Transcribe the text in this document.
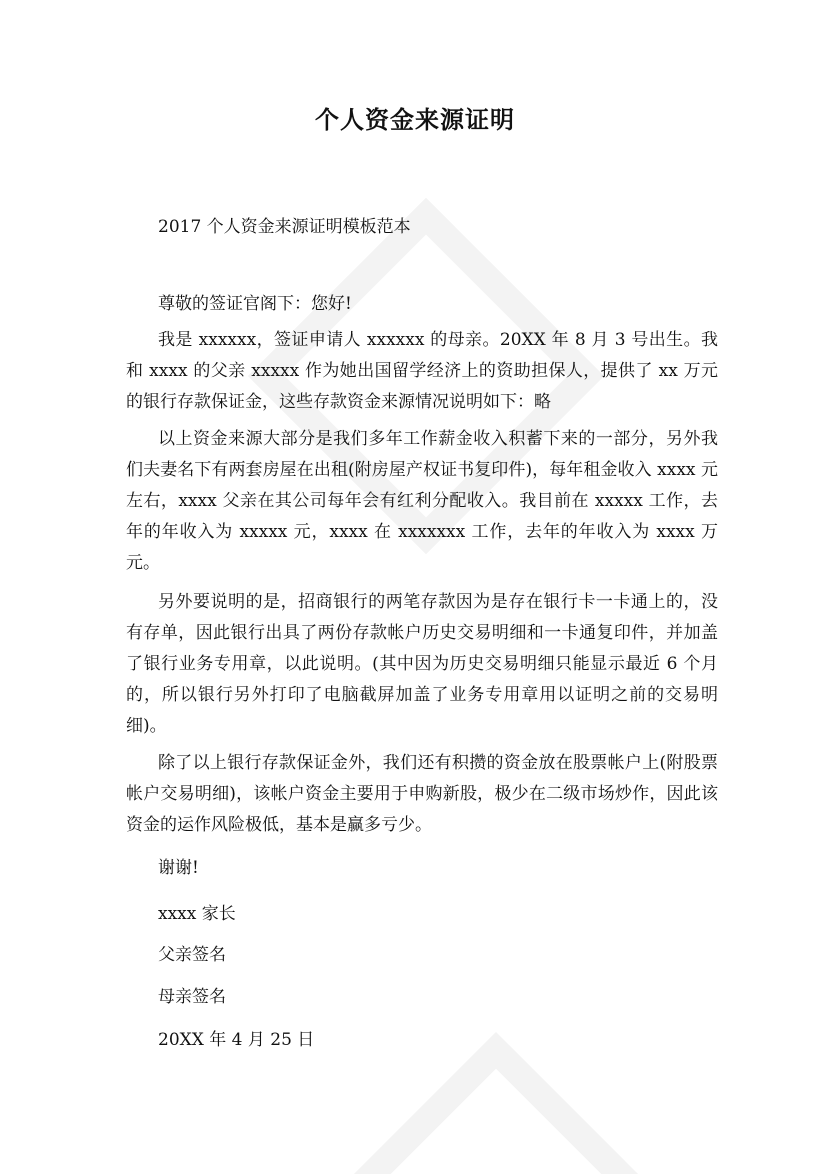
个人资金来源证明

2017 个人资金来源证明模板范本

尊敬的签证官阁下：您好!

我是 xxxxxx，签证申请人 xxxxxx 的母亲。20XX 年 8 月 3 号出生。我和 xxxx 的父亲 xxxxx 作为她出国留学经济上的资助担保人，提供了 xx 万元的银行存款保证金，这些存款资金来源情况说明如下：略

以上资金来源大部分是我们多年工作薪金收入积蓄下来的一部分，另外我们夫妻名下有两套房屋在出租(附房屋产权证书复印件)，每年租金收入 xxxx 元左右，xxxx 父亲在其公司每年会有红利分配收入。我目前在 xxxxx 工作，去年的年收入为 xxxxx 元，xxxx 在 xxxxxxx 工作，去年的年收入为 xxxx 万元。

另外要说明的是，招商银行的两笔存款因为是存在银行卡一卡通上的，没有存单，因此银行出具了两份存款帐户历史交易明细和一卡通复印件，并加盖了银行业务专用章，以此说明。(其中因为历史交易明细只能显示最近 6 个月的，所以银行另外打印了电脑截屏加盖了业务专用章用以证明之前的交易明细)。

除了以上银行存款保证金外，我们还有积攒的资金放在股票帐户上(附股票帐户交易明细)，该帐户资金主要用于申购新股，极少在二级市场炒作，因此该资金的运作风险极低，基本是赢多亏少。

谢谢!

xxxx 家长

父亲签名

母亲签名

20XX 年 4 月 25 日
